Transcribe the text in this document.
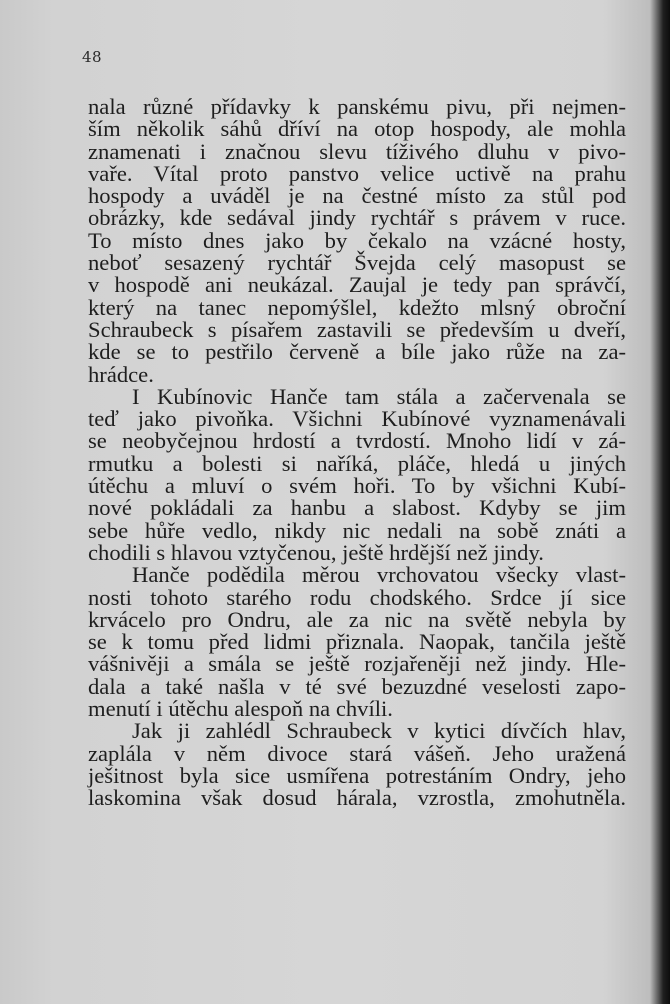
48
nala různé přídavky k panskému pivu, při nejmen-
ším několik sáhů dříví na otop hospody, ale mohla
znamenati i značnou slevu tíživého dluhu v pivo-
vaře. Vítal proto panstvo velice uctivě na prahu
hospody a uváděl je na čestné místo za stůl pod
obrázky, kde sedával jindy rychtář s právem v ruce.
To místo dnes jako by čekalo na vzácné hosty,
neboť sesazený rychtář Švejda celý masopust se
v hospodě ani neukázal. Zaujal je tedy pan správčí,
který na tanec nepomýšlel, kdežto mlsný obroční
Schraubeck s písařem zastavili se především u dveří,
kde se to pestřilo červeně a bíle jako růže na za-
hrádce.
I Kubínovic Hanče tam stála a začervenala se
teď jako pivoňka. Všichni Kubínové vyznamenávali
se neobyčejnou hrdostí a tvrdostí. Mnoho lidí v zá-
rmutku a bolesti si naříká, pláče, hledá u jiných
útěchu a mluví o svém hoři. To by všichni Kubí-
nové pokládali za hanbu a slabost. Kdyby se jim
sebe hůře vedlo, nikdy nic nedali na sobě znáti a
chodili s hlavou vztyčenou, ještě hrdější než jindy.
Hanče podědila měrou vrchovatou všecky vlast-
nosti tohoto starého rodu chodského. Srdce jí sice
krvácelo pro Ondru, ale za nic na světě nebyla by
se k tomu před lidmi přiznala. Naopak, tančila ještě
vášnivěji a smála se ještě rozjařeněji než jindy. Hle-
dala a také našla v té své bezuzdné veselosti zapo-
menutí i útěchu alespoň na chvíli.
Jak ji zahlédl Schraubeck v kytici dívčích hlav,
zaplála v něm divoce stará vášeň. Jeho uražená
ješitnost byla sice usmířena potrestáním Ondry, jeho
laskomina však dosud hárala, vzrostla, zmohutněla.
